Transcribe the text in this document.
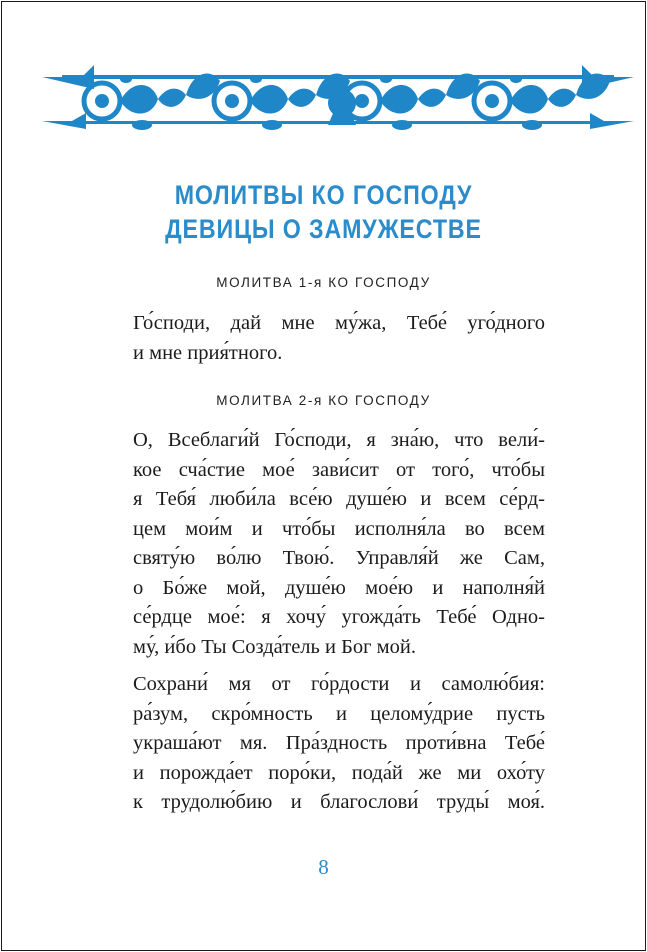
МОЛИТВЫ КО ГОСПОДУ
ДЕВИЦЫ О ЗАМУЖЕСТВЕ
МОЛИТВА 1-я КО ГОСПОДУ
Го́споди, дай мне му́жа, Тебе́ уго́дного
и мне прия́тного.
МОЛИТВА 2-я КО ГОСПОДУ
О, Всеблаги́й Го́споди, я зна́ю, что вели́-
кое сча́стие мое́ зави́сит от того́, что́бы
я Тебя́ люби́ла все́ю душе́ю и всем се́рд-
цем мои́м и что́бы исполня́ла во всем
святу́ю во́лю Твою́. Управля́й же Сам,
о Бо́же мой, душе́ю мое́ю и наполня́й
се́рдце мое́: я хочу́ угожда́ть Тебе́ Одно-
му́, и́бо Ты Созда́тель и Бог мой.
Сохрани́ мя от го́рдости и самолю́бия:
ра́зум, скро́мность и целому́дрие пусть
украша́ют мя. Пра́здность проти́вна Тебе́
и порожда́ет поро́ки, пода́й же ми охо́ту
к трудолю́бию и благослови́ труды́ моя́.
8
